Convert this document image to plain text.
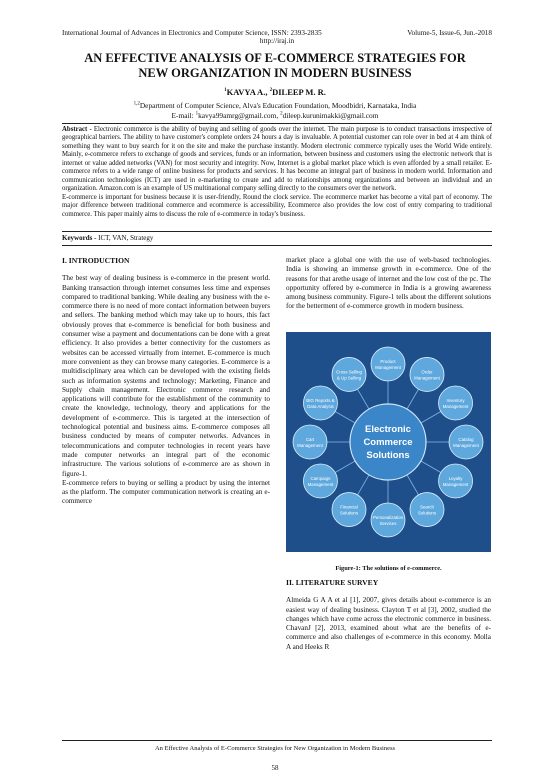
International Journal of Advances in Electronics and Computer Science, ISSN: 2393-2835	Volume-5, Issue-6, Jun.-2018
http://iraj.in
AN EFFECTIVE ANALYSIS OF E-COMMERCE STRATEGIES FOR
NEW ORGANIZATION IN MODERN BUSINESS
$^1$KAVYA A., $^2$DILEEP M. R.
$^{1,2}$Department of Computer Science, Alva's Education Foundation, Moodbidri, Karnataka, India
E-mail: $^1$kavya99amrg@gmail.com, $^2$dileep.kurunimakki@gmail.com

Abstract - Electronic commerce is the ability of buying and selling of goods over the internet. The main purpose is to conduct transactions irrespective of geographical barriers. The ability to have customer's complete orders 24 hours a day is invaluable. A potential customer can role over in bed at 4 am think of something they want to buy search for it on the site and make the purchase instantly. Modern electronic commerce typically uses the World Wide entirely. Mainly, e-commerce refers to exchange of goods and services, funds or an information, between business and customers using the electronic network that is internet or value added networks (VAN) for most security and integrity. Now, Internet is a global market place which is even afforded by a small retailer. E-commerce refers to a wide range of online business for products and services. It has become an integral part of business in modern world. Information and communication technologies (ICT) are used in e-marketing to create and add to relationships among organizations and between an individual and an organization. Amazon.com is an example of US multinational company selling directly to the consumers over the network.

E-commerce is important for business because it is user-friendly, Round the clock service. The ecommerce market has become a vital part of economy. The major difference between traditional commerce and ecommerce is accessibility, Ecommerce also provides the low cost of entry comparing to traditional commerce. This paper mainly aims to discuss the role of e-commerce in today's business.

Keywords - ICT, VAN, Strategy

I. INTRODUCTION

The best way of dealing business is e-commerce in the present world. Banking transaction through internet consumes less time and expenses compared to traditional banking. While dealing any business with the e-commerce there is no need of more contact information between buyers and sellers. The banking method which may take up to hours, this fact obviously proves that e-commerce is beneficial for both business and consumer wise a payment and documentations can be done with a great efficiency. It also provides a better connectivity for the customers as websites can be accessed virtually from internet. E-commerce is much more convenient as they can browse many categories. E-commerce is a multidisciplinary area which can be developed with the existing fields such as information systems and technology; Marketing, Finance and Supply chain management. Electronic commerce research and applications will contribute for the establishment of the community to create the knowledge, technology, theory and applications for the development of e-commerce. This is targeted at the intersection of technological potential and business aims. E-commerce composes all business conducted by means of computer networks. Advances in telecommunications and computer technologies in recent years have made computer networks an integral part of the economic infrastructure. The various solutions of e-commerce are as shown in figure-1.

E-commerce refers to buying or selling a product by using the internet as the platform. The computer communication network is creating an e-commerce

market place a global one with the use of web-based technologies. India is showing an immense growth in e-commerce. One of the reasons for that arethe usage of internet and the low cost of the pc. The opportunity offered by e-commerce in India is a growing awareness among business community. Figure-1 tells about the different solutions for the betterment of e-commerce growth in modern business.

Product
Management
Order
Management
Inventory
Management
Catalog
Management
Loyalty
Management
Search
Solutions
Personalization
Services
Financial
Solutions
Campaign
Management
Cart
Management
BIG Reports &
Data Analysis
Cross Selling
& Up Selling
Electronic
Commerce
Solutions
Figure-1: The solutions of e-commerce.

II. LITERATURE SURVEY

Almeida G A A et al [1], 2007, gives details about e-commerce is an easiest way of dealing business. Clayton T et al [3], 2002, studied the changes which have come across the electronic commerce in business. ChavanJ [2], 2013, examined about what are the benefits of e-commerce and also challenges of e-commerce in this economy. Molla A and Heeks R

An Effective Analysis of E-Commerce Strategies for New Organization in Modern Business
58
